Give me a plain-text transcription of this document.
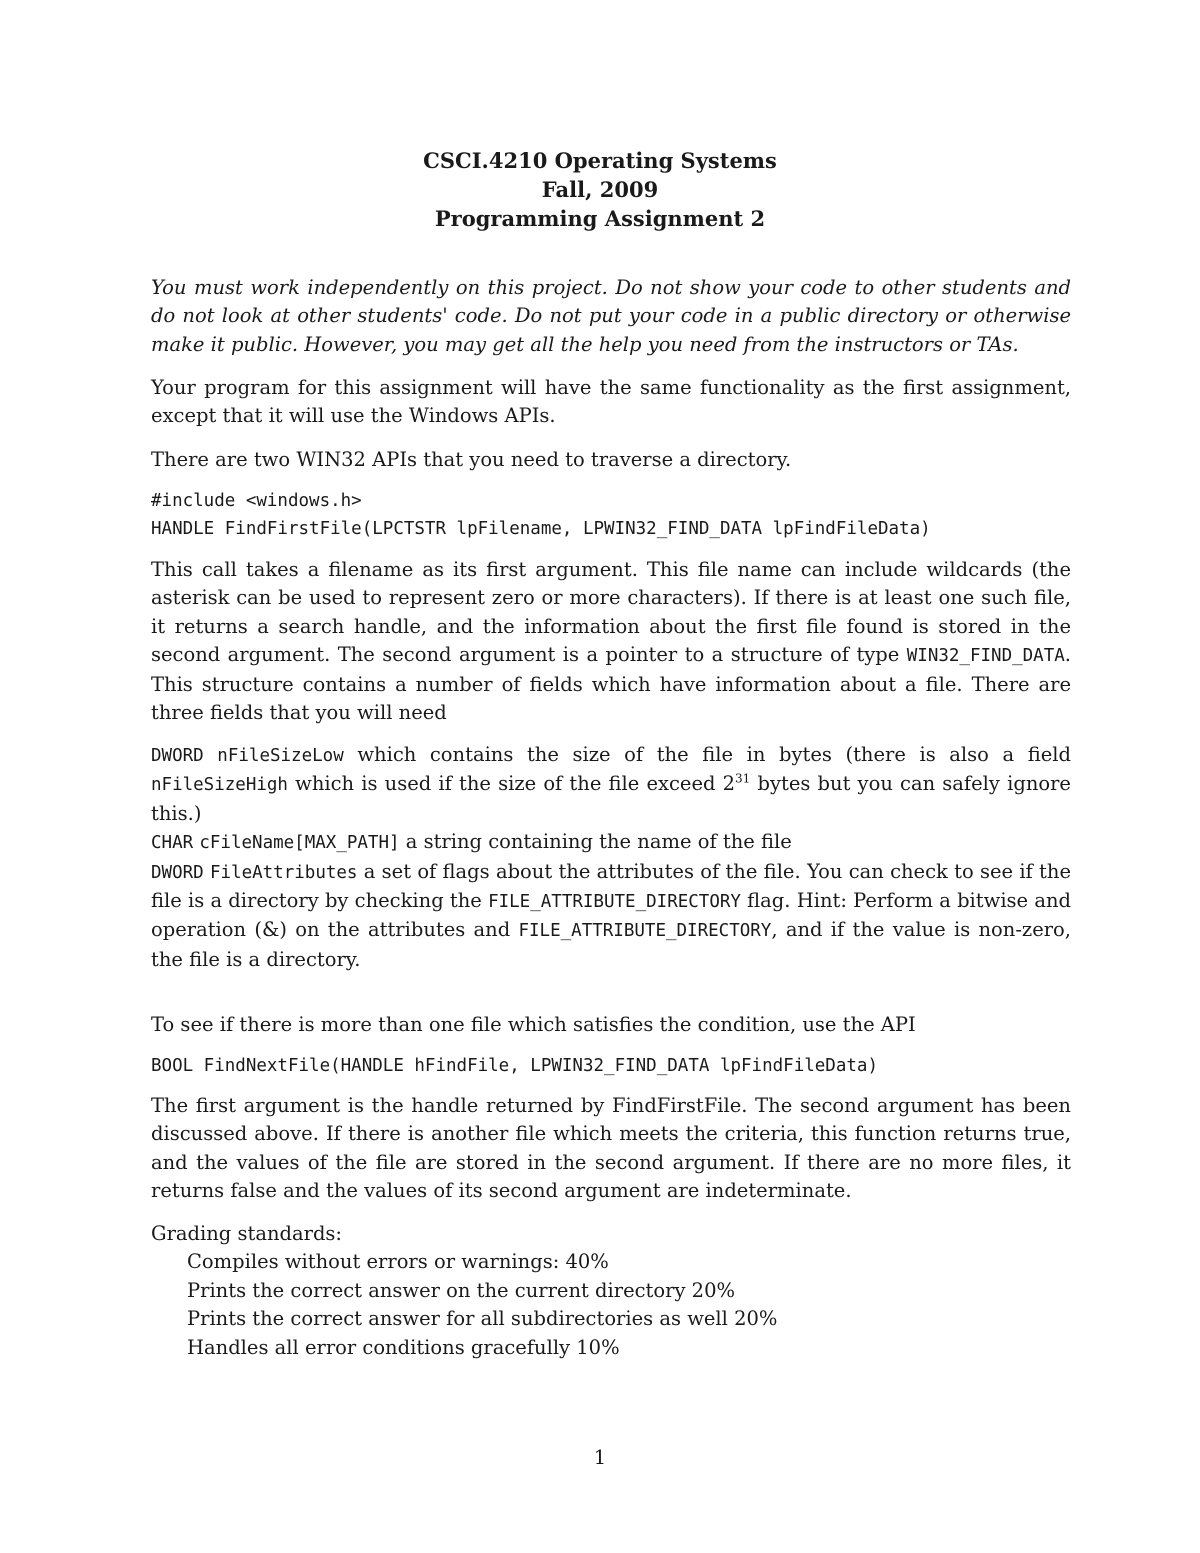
CSCI.4210 Operating Systems
Fall, 2009
Programming Assignment 2
You must work independently on this project. Do not show your code to other students and do not look at other students' code. Do not put your code in a public directory or otherwise make it public. However, you may get all the help you need from the instructors or TAs.
Your program for this assignment will have the same functionality as the first assignment, except that it will use the Windows APIs.
There are two WIN32 APIs that you need to traverse a directory.
#include <windows.h>
HANDLE FindFirstFile(LPCTSTR lpFilename, LPWIN32_FIND_DATA lpFindFileData)
This call takes a filename as its first argument. This file name can include wildcards (the asterisk can be used to represent zero or more characters). If there is at least one such file, it returns a search handle, and the information about the first file found is stored in the second argument. The second argument is a pointer to a structure of type WIN32_FIND_DATA. This structure contains a number of fields which have information about a file. There are three fields that you will need

DWORD nFileSizeLow which contains the size of the file in bytes (there is also a field nFileSizeHigh which is used if the size of the file exceed $2^{31}$ bytes but you can safely ignore this.)

CHAR cFileName[MAX_PATH] a string containing the name of the file

DWORD FileAttributes a set of flags about the attributes of the file. You can check to see if the file is a directory by checking the FILE_ATTRIBUTE_DIRECTORY flag. Hint: Perform a bitwise and operation (&) on the attributes and FILE_ATTRIBUTE_DIRECTORY, and if the value is non-zero, the file is a directory.

To see if there is more than one file which satisfies the condition, use the API
BOOL FindNextFile(HANDLE hFindFile, LPWIN32_FIND_DATA lpFindFileData)
The first argument is the handle returned by FindFirstFile. The second argument has been discussed above. If there is another file which meets the criteria, this function returns true, and the values of the file are stored in the second argument. If there are no more files, it returns false and the values of its second argument are indeterminate.
Grading standards:
Compiles without errors or warnings: 40%
Prints the correct answer on the current directory 20%
Prints the correct answer for all subdirectories as well 20%
Handles all error conditions gracefully 10%
1
